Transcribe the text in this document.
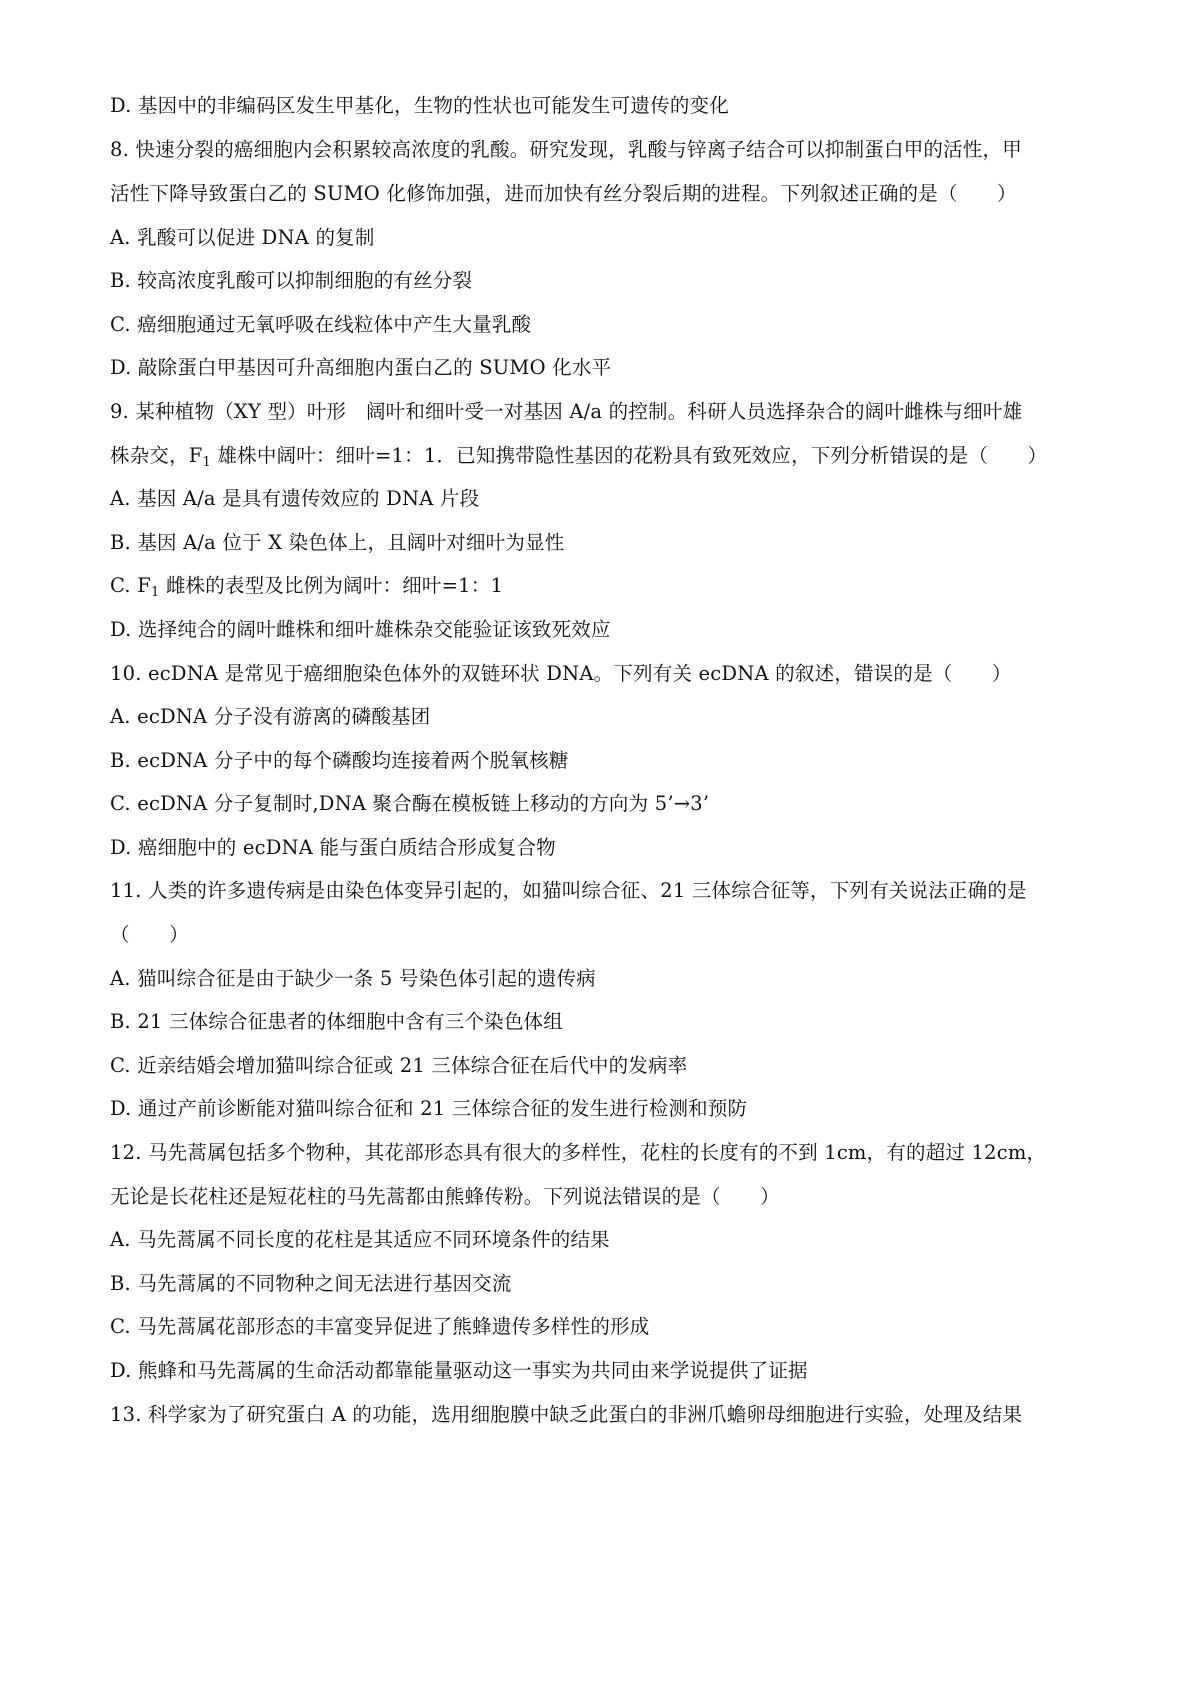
D. 基因中的非编码区发生甲基化，生物的性状也可能发生可遗传的变化
8. 快速分裂的癌细胞内会积累较高浓度的乳酸。研究发现，乳酸与锌离子结合可以抑制蛋白甲的活性，甲
活性下降导致蛋白乙的 SUMO 化修饰加强，进而加快有丝分裂后期的进程。下列叙述正确的是（　　）
A. 乳酸可以促进 DNA 的复制
B. 较高浓度乳酸可以抑制细胞的有丝分裂
C. 癌细胞通过无氧呼吸在线粒体中产生大量乳酸
D. 敲除蛋白甲基因可升高细胞内蛋白乙的 SUMO 化水平
9. 某种植物（XY 型）叶形　阔叶和细叶受一对基因 A/a 的控制。科研人员选择杂合的阔叶雌株与细叶雄
株杂交，$F_1$ 雄株中阔叶：细叶=1：1．已知携带隐性基因的花粉具有致死效应，下列分析错误的是（　　）
A. 基因 A/a 是具有遗传效应的 DNA 片段
B. 基因 A/a 位于 X 染色体上，且阔叶对细叶为显性
C. $F_1$ 雌株的表型及比例为阔叶：细叶=1：1
D. 选择纯合的阔叶雌株和细叶雄株杂交能验证该致死效应
10. ecDNA 是常见于癌细胞染色体外的双链环状 DNA。下列有关 ecDNA 的叙述，错误的是（　　）
A. ecDNA 分子没有游离的磷酸基团
B. ecDNA 分子中的每个磷酸均连接着两个脱氧核糖
C. ecDNA 分子复制时,DNA 聚合酶在模板链上移动的方向为 5’→3’
D. 癌细胞中的 ecDNA 能与蛋白质结合形成复合物
11. 人类的许多遗传病是由染色体变异引起的，如猫叫综合征、21 三体综合征等，下列有关说法正确的是
（　　）
A. 猫叫综合征是由于缺少一条 5 号染色体引起的遗传病
B. 21 三体综合征患者的体细胞中含有三个染色体组
C. 近亲结婚会增加猫叫综合征或 21 三体综合征在后代中的发病率
D. 通过产前诊断能对猫叫综合征和 21 三体综合征的发生进行检测和预防
12. 马先蒿属包括多个物种，其花部形态具有很大的多样性，花柱的长度有的不到 1cm，有的超过 12cm，
无论是长花柱还是短花柱的马先蒿都由熊蜂传粉。下列说法错误的是（　　）
A. 马先蒿属不同长度的花柱是其适应不同环境条件的结果
B. 马先蒿属的不同物种之间无法进行基因交流
C. 马先蒿属花部形态的丰富变异促进了熊蜂遗传多样性的形成
D. 熊蜂和马先蒿属的生命活动都靠能量驱动这一事实为共同由来学说提供了证据
13. 科学家为了研究蛋白 A 的功能，选用细胞膜中缺乏此蛋白的非洲爪蟾卵母细胞进行实验，处理及结果
